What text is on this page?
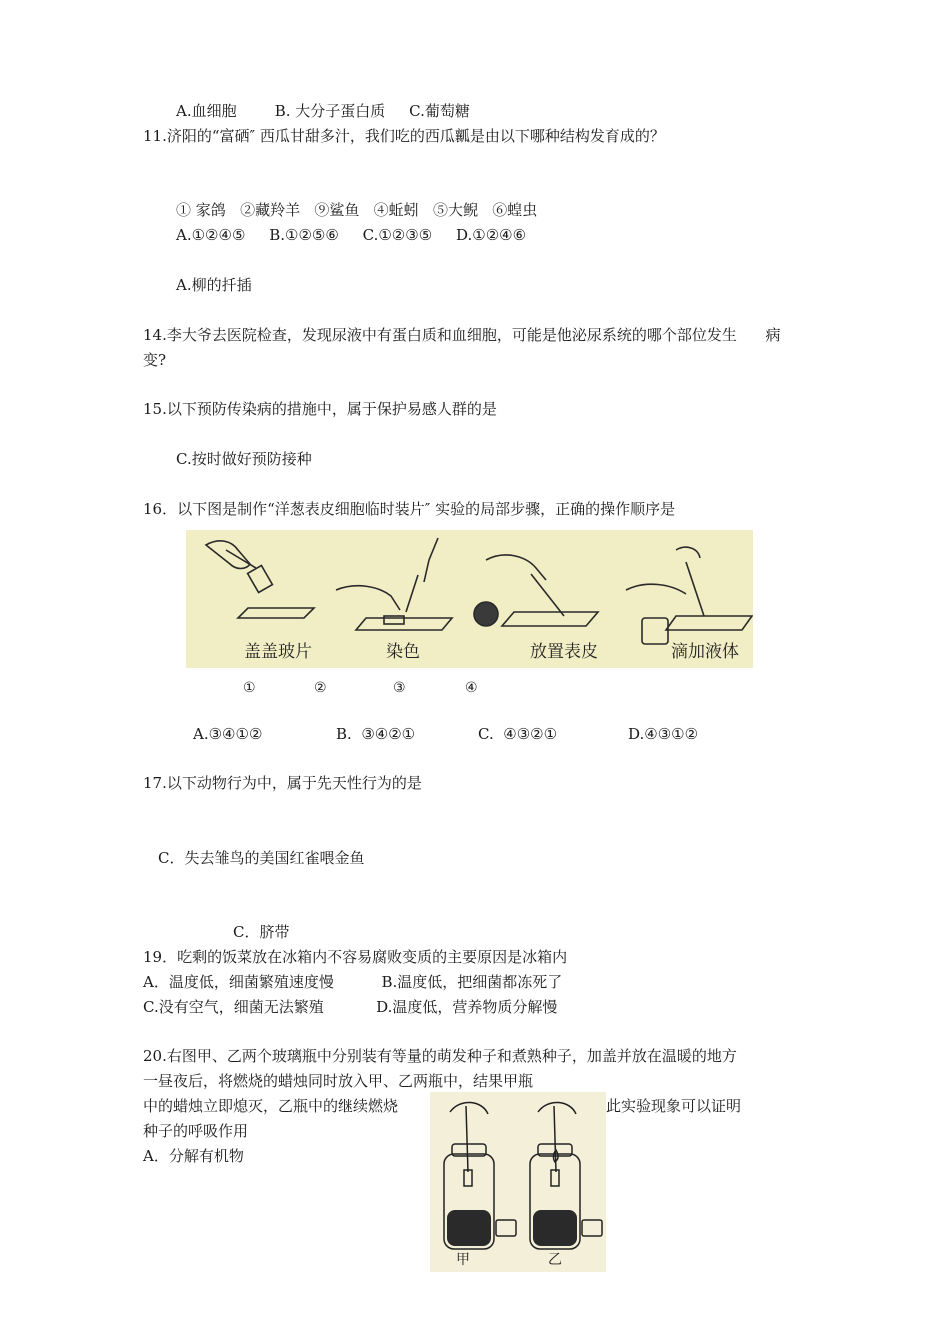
A.血细胞        B. 大分子蛋白质     C.葡萄糖
11.济阳的“富硒″ 西瓜甘甜多汁，我们吃的西瓜瓤是由以下哪种结构发育成的？
① 家鸽   ②藏羚羊   ⑨鲨鱼   ④蚯蚓   ⑤大鲵   ⑥蝗虫
A.①②④⑤     B.①②⑤⑥     C.①②③⑤     D.①②④⑥
A.柳的扦插
14.李大爷去医院检查，发现尿液中有蛋白质和血细胞，可能是他泌尿系统的哪个部位发生      病
变?
15.以下预防传染病的措施中，属于保护易感人群的是
C.按时做好预防接种
16．以下图是制作“洋葱表皮细胞临时装片″ 实验的局部步骤，正确的操作顺序是
盖盖玻片	染色	放置表皮	滴加液体
①	②	③	④
A.③④①②	B.  ③④②①	C.  ④③②①	D.④③①②
17.以下动物行为中，属于先天性行为的是
C．失去雏鸟的美国红雀喂金鱼
C．脐带
19．吃剩的饭菜放在冰箱内不容易腐败变质的主要原因是冰箱内
A．温度低，细菌繁殖速度慢          B.温度低，把细菌都冻死了
C.没有空气，细菌无法繁殖           D.温度低，营养物质分解慢
20.右图甲、乙两个玻璃瓶中分别装有等量的萌发种子和煮熟种子，加盖并放在温暖的地方
一昼夜后，将燃烧的蜡烛同时放入甲、乙两瓶中，结果甲瓶
中的蜡烛立即熄灭，乙瓶中的继续燃烧	此实验现象可以证明
种子的呼吸作用
A．分解有机物
甲	乙
